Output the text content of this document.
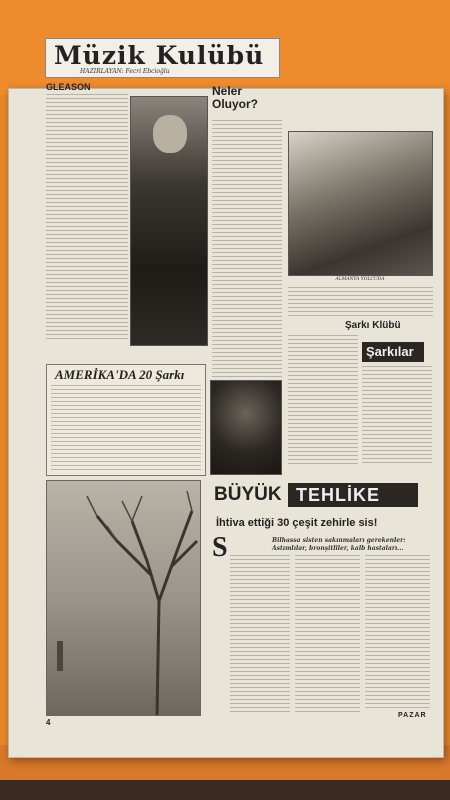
Müzik Kulübü
HAZIRLAYAN: Fecri Ebcioğlu
GLEASON	Neler Oluyor?
ALMANYA YOLCUDA
Şarkı Klübü
Şarkılar
AMERİKA'DA 20 Şarkı
BÜYÜK TEHLİKE
İhtiva ettiği 30 çeşit zehirle sis!
S	Bilhassa sisten sakınmaları gerekenler: Astımlılar, bronşitliler, kalb hastaları...
4
PAZAR
